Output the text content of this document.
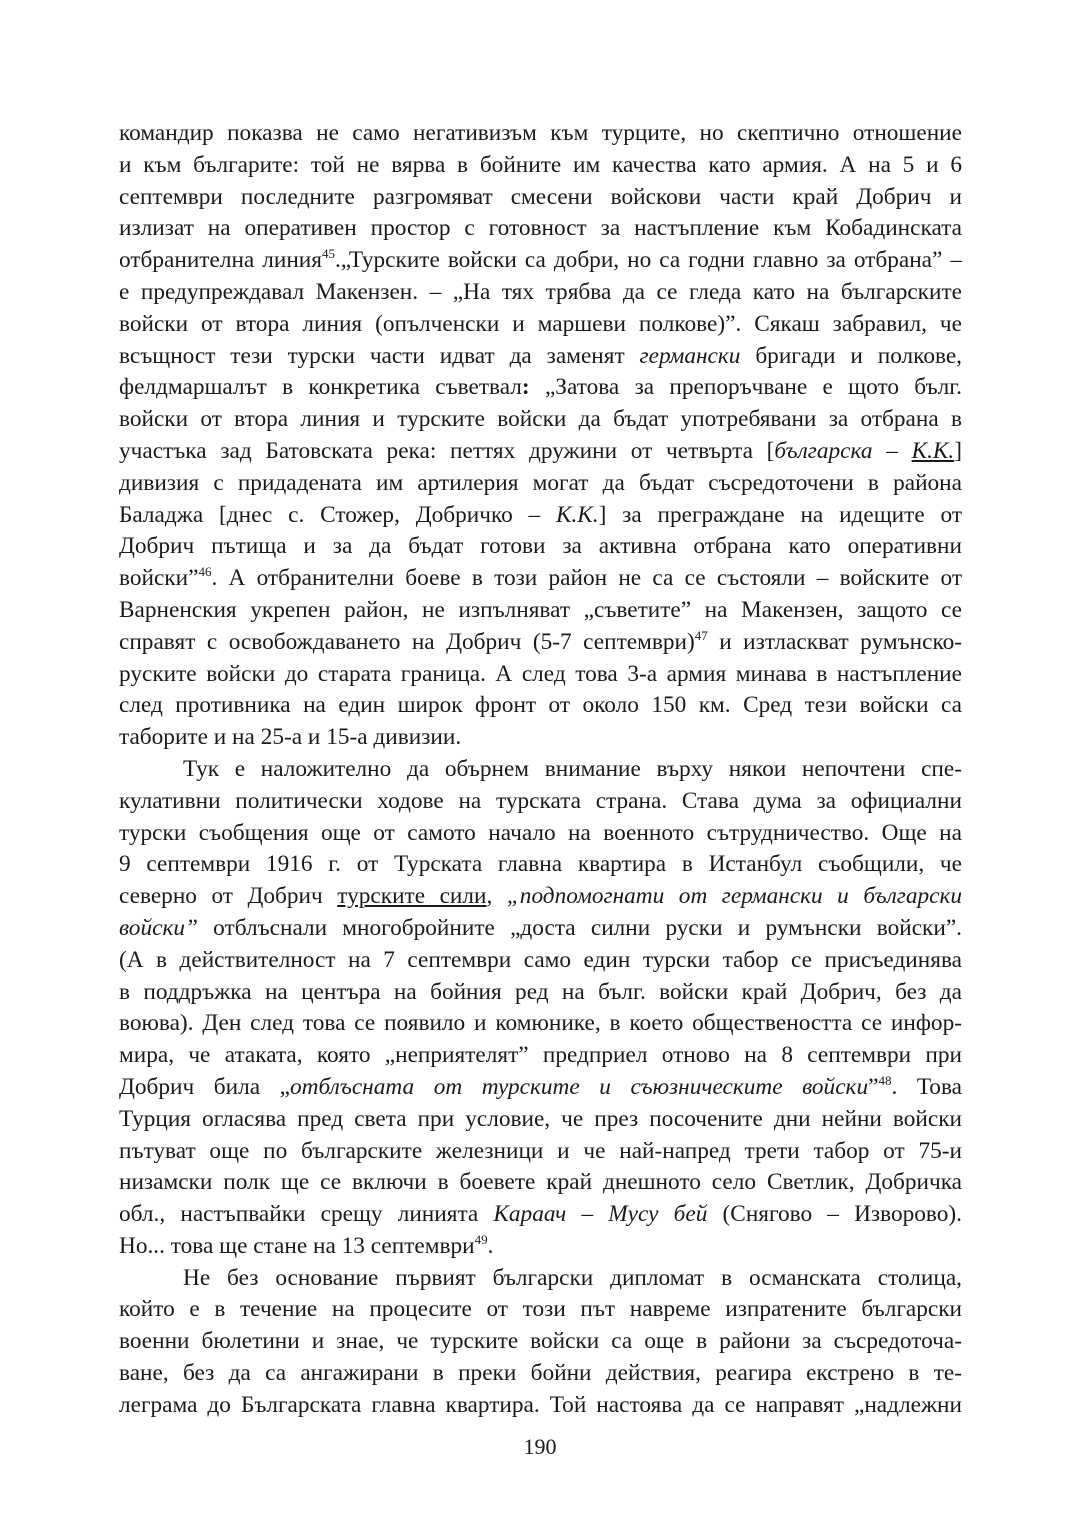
командир показва не само негативизъм към турците, но скептично отношение
и към българите: той не вярва в бойните им качества като армия. А на 5 и 6
септември последните разгромяват смесени войскови части край Добрич и
излизат на оперативен простор с готовност за настъпление към Кобадинската
отбранителна линия$^{45}$.„Турските войски са добри, но са годни главно за отбрана” –
е предупреждавал Макензен. – „На тях трябва да се гледа като на българските
войски от втора линия (опълченски и маршеви полкове)”. Сякаш забравил, че
всъщност тези турски части идват да заменят германски бригади и полкове,
фелдмаршалът в конкретика съветвал: „Затова за препоръчване е щото бълг.
войски от втора линия и турските войски да бъдат употребявани за отбрана в
участъка зад Батовската река: петтях дружини от четвърта [българска – К.К.]
дивизия с придадената им артилерия могат да бъдат съсредоточени в района
Баладжа [днес с. Стожер, Добричко – К.К.] за преграждане на идещите от
Добрич пътища и за да бъдат готови за активна отбрана като оперативни
войски”$^{46}$. А отбранителни боеве в този район не са се състояли – войските от
Варненския укрепен район, не изпълняват „съветите” на Макензен, защото се
справят с освобождаването на Добрич (5-7 септември)$^{47}$ и изтласкват румънско-
руските войски до старата граница. А след това 3-а армия минава в настъпление
след противника на един широк фронт от около 150 км. Сред тези войски са
таборите и на 25-а и 15-а дивизии.
Тук е наложително да обърнем внимание върху някои непочтени спе-
кулативни политически ходове на турската страна. Става дума за официални
турски съобщения още от самото начало на военното сътрудничество. Още на
9 септември 1916 г. от Турската главна квартира в Истанбул съобщили, че
северно от Добрич турските сили, „подпомогнати от германски и български
войски” отблъснали многобройните „доста силни руски и румънски войски”.
(А в действителност на 7 септември само един турски табор се присъединява
в поддръжка на центъра на бойния ред на бълг. войски край Добрич, без да
воюва). Ден след това се появило и комюнике, в което обществеността се инфор-
мира, че атаката, която „неприятелят” предприел отново на 8 септември при
Добрич била „отблъсната от турските и съюзническите войски”$^{48}$. Това
Турция огласява пред света при условие, че през посочените дни нейни войски
пътуват още по българските железници и че най-напред трети табор от 75-и
низамски полк ще се включи в боевете край днешното село Светлик, Добричка
обл., настъпвайки срещу линията Караач – Мусу бей (Снягово – Изворово).
Но... това ще стане на 13 септември$^{49}$.
Не без основание първият български дипломат в османската столица,
който е в течение на процесите от този път навреме изпратените български
военни бюлетини и знае, че турските войски са още в райони за съсредоточа-
ване, без да са ангажирани в преки бойни действия, реагира екстрено в те-
леграма до Българската главна квартира. Той настоява да се направят „надлежни
190
